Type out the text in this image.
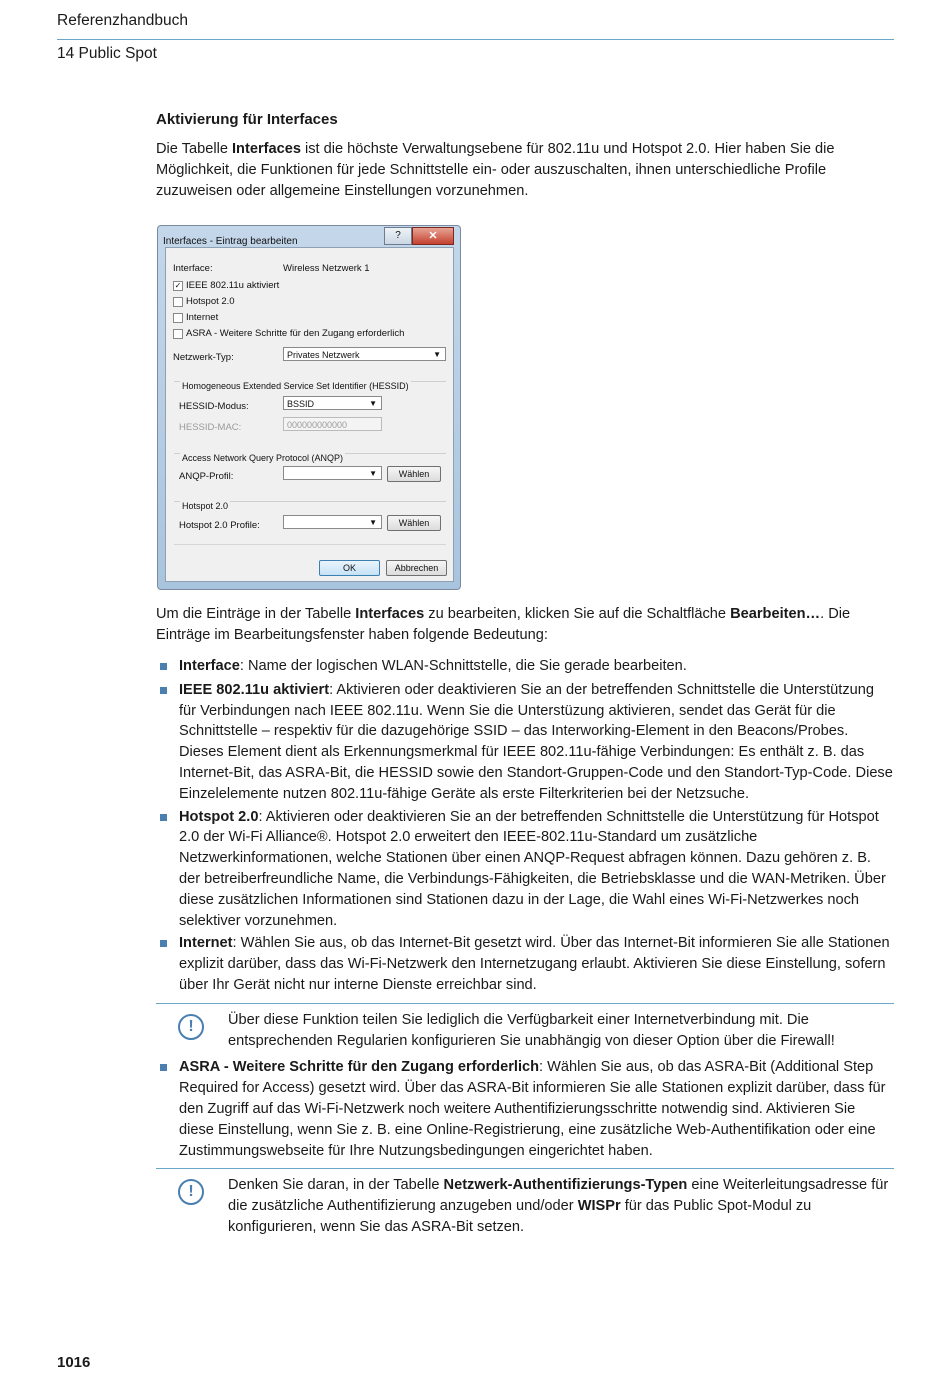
Referenzhandbuch
14 Public Spot
Aktivierung für Interfaces

Die Tabelle Interfaces ist die höchste Verwaltungsebene für 802.11u und Hotspot 2.0. Hier haben Sie die Möglichkeit, die Funktionen für jede Schnittstelle ein- oder auszuschalten, ihnen unterschiedliche Profile zuzuweisen oder allgemeine Einstellungen vorzunehmen.

Interfaces - Eintrag bearbeiten
?	✕
Interface:	Wireless Netzwerk 1
✓ IEEE 802.11u aktiviert
Hotspot 2.0
Internet
ASRA - Weitere Schritte für den Zugang erforderlich
Netzwerk-Typ:	Privates Netzwerk	▼
Homogeneous Extended Service Set Identifier (HESSID)
HESSID-Modus:	BSSID	▼
HESSID-MAC:	000000000000
Access Network Query Protocol (ANQP)
ANQP-Profil:	▼	Wählen
Hotspot 2.0
Hotspot 2.0 Profile:	▼	Wählen
OK	Abbrechen

Um die Einträge in der Tabelle Interfaces zu bearbeiten, klicken Sie auf die Schaltfläche Bearbeiten…. Die Einträge im Bearbeitungsfenster haben folgende Bedeutung:

Interface: Name der logischen WLAN-Schnittstelle, die Sie gerade bearbeiten.
IEEE 802.11u aktiviert: Aktivieren oder deaktivieren Sie an der betreffenden Schnittstelle die Unterstützung für Verbindungen nach IEEE 802.11u. Wenn Sie die Unterstüzung aktivieren, sendet das Gerät für die Schnittstelle – respektiv für die dazugehörige SSID – das Interworking-Element in den Beacons/Probes. Dieses Element dient als Erkennungsmerkmal für IEEE 802.11u-fähige Verbindungen: Es enthält z. B. das Internet-Bit, das ASRA-Bit, die HESSID sowie den Standort-Gruppen-Code und den Standort-Typ-Code. Diese Einzelelemente nutzen 802.11u-fähige Geräte als erste Filterkriterien bei der Netzsuche.
Hotspot 2.0: Aktivieren oder deaktivieren Sie an der betreffenden Schnittstelle die Unterstützung für Hotspot 2.0 der Wi-Fi Alliance®. Hotspot 2.0 erweitert den IEEE-802.11u-Standard um zusätzliche Netzwerkinformationen, welche Stationen über einen ANQP-Request abfragen können. Dazu gehören z. B. der betreiberfreundliche Name, die Verbindungs-Fähigkeiten, die Betriebsklasse und die WAN-Metriken. Über diese zusätzlichen Informationen sind Stationen dazu in der Lage, die Wahl eines Wi-Fi-Netzwerkes noch selektiver vorzunehmen.
Internet: Wählen Sie aus, ob das Internet-Bit gesetzt wird. Über das Internet-Bit informieren Sie alle Stationen explizit darüber, dass das Wi-Fi-Netzwerk den Internetzugang erlaubt. Aktivieren Sie diese Einstellung, sofern über Ihr Gerät nicht nur interne Dienste erreichbar sind.
!	Über diese Funktion teilen Sie lediglich die Verfügbarkeit einer Internetverbindung mit. Die entsprechenden Regularien konfigurieren Sie unabhängig von dieser Option über die Firewall!
ASRA - Weitere Schritte für den Zugang erforderlich: Wählen Sie aus, ob das ASRA-Bit (Additional Step Required for Access) gesetzt wird. Über das ASRA-Bit informieren Sie alle Stationen explizit darüber, dass für den Zugriff auf das Wi-Fi-Netzwerk noch weitere Authentifizierungsschritte notwendig sind. Aktivieren Sie diese Einstellung, wenn Sie z. B. eine Online-Registrierung, eine zusätzliche Web-Authentifikation oder eine Zustimmungswebseite für Ihre Nutzungsbedingungen eingerichtet haben.
!	Denken Sie daran, in der Tabelle Netzwerk-Authentifizierungs-Typen eine Weiterleitungsadresse für die zusätzliche Authentifizierung anzugeben und/oder WISPr für das Public Spot-Modul zu konfigurieren, wenn Sie das ASRA-Bit setzen.
1016
